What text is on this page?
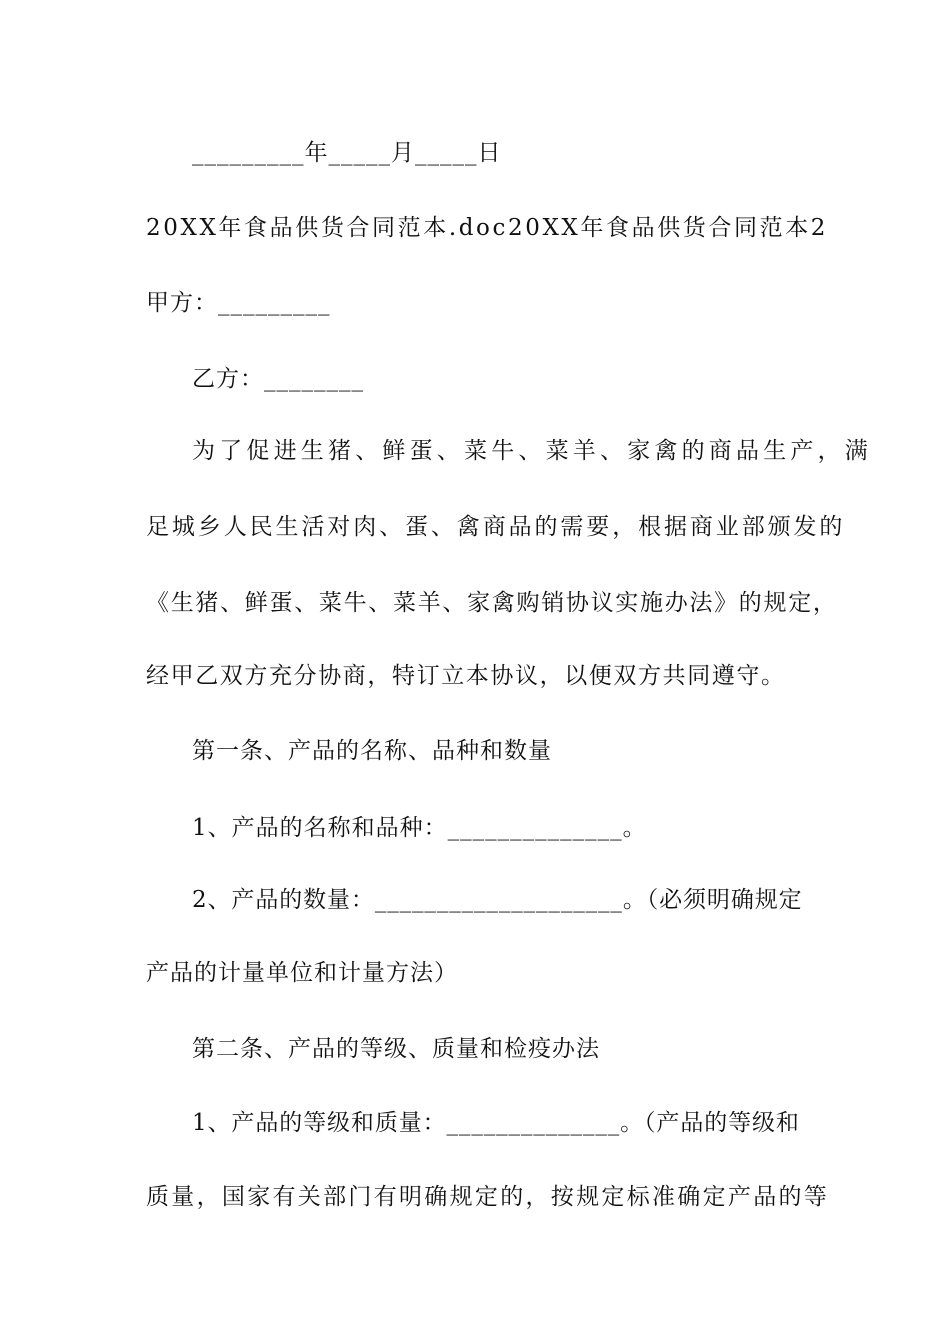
_________年_____月_____日
20XX年食品供货合同范本.doc20XX年食品供货合同范本2
甲方：_________
乙方：________
为了促进生猪、鲜蛋、菜牛、菜羊、家禽的商品生产，满
足城乡人民生活对肉、蛋、禽商品的需要，根据商业部颁发的
《生猪、鲜蛋、菜牛、菜羊、家禽购销协议实施办法》的规定，
经甲乙双方充分协商，特订立本协议，以便双方共同遵守。
第一条、产品的名称、品种和数量
1、产品的名称和品种：______________。
2、产品的数量：____________________。（必须明确规定
产品的计量单位和计量方法）
第二条、产品的等级、质量和检疫办法
1、产品的等级和质量：______________。（产品的等级和
质量，国家有关部门有明确规定的，按规定标准确定产品的等
